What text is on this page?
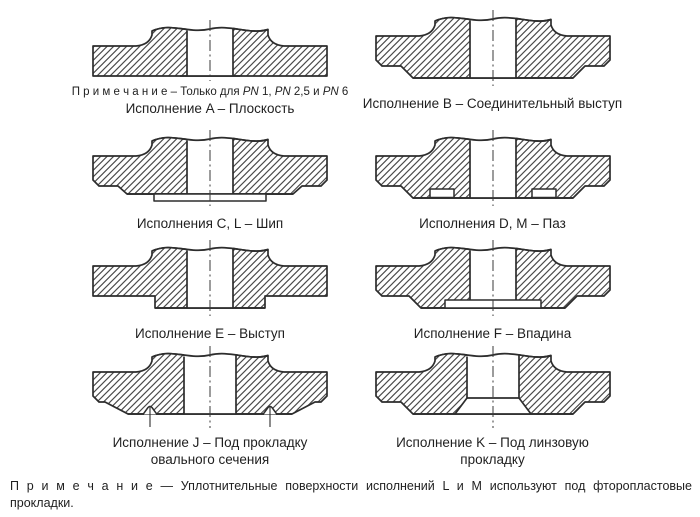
П р и м е ч а н и е – Только для PN 1, PN 2,5 и PN 6
Исполнение A – Плоскость	Исполнение B – Соединительный выступ
Исполнения C, L – Шип	Исполнения D, M – Паз
Исполнение E – Выступ	Исполнение F – Впадина
Исполнение J – Под прокладку
овального сечения
Исполнение K – Под линзовую
прокладку
П р и м е ч а н и е — Уплотнительные поверхности исполнений L и M используют под фторопластовые
прокладки.
